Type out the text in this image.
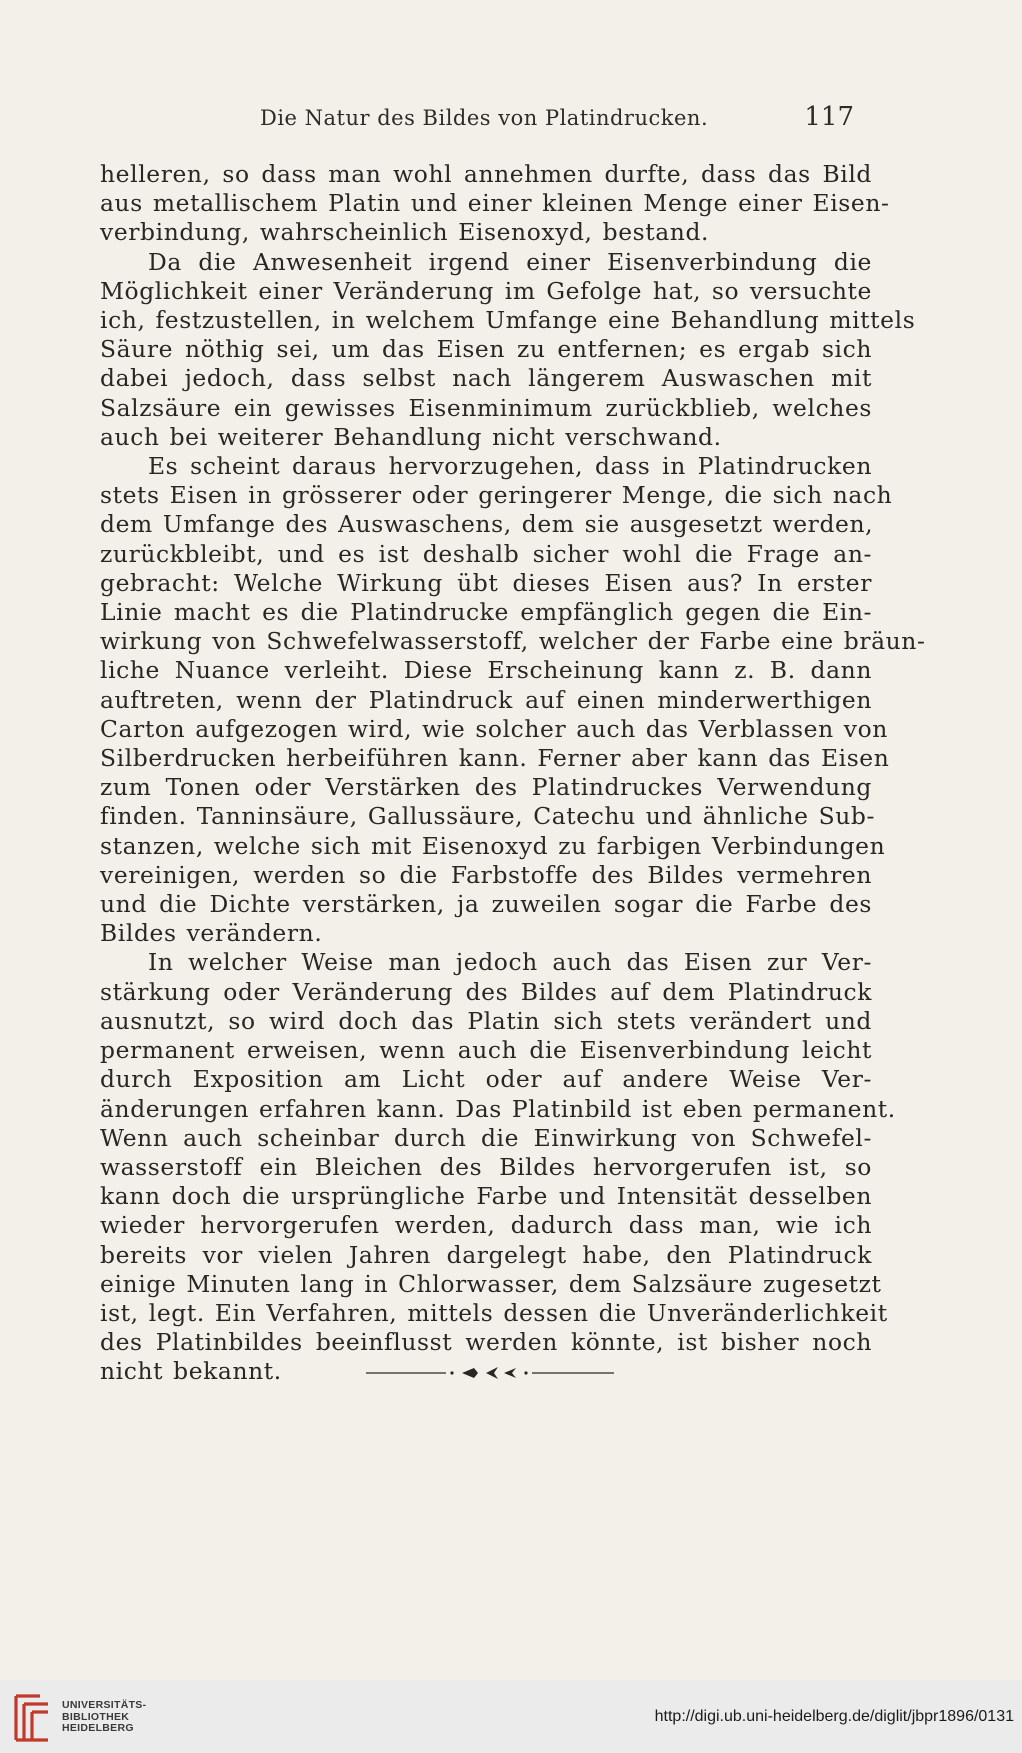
Die Natur des Bildes von Platindrucken.	117

helleren, so dass man wohl annehmen durfte, dass das Bild
aus metallischem Platin und einer kleinen Menge einer Eisen-
verbindung, wahrscheinlich Eisenoxyd, bestand.

Da die Anwesenheit irgend einer Eisenverbindung die
Möglichkeit einer Veränderung im Gefolge hat, so versuchte
ich, festzustellen, in welchem Umfange eine Behandlung mittels
Säure nöthig sei, um das Eisen zu entfernen; es ergab sich
dabei jedoch, dass selbst nach längerem Auswaschen mit
Salzsäure ein gewisses Eisenminimum zurückblieb, welches
auch bei weiterer Behandlung nicht verschwand.

Es scheint daraus hervorzugehen, dass in Platindrucken
stets Eisen in grösserer oder geringerer Menge, die sich nach
dem Umfange des Auswaschens, dem sie ausgesetzt werden,
zurückbleibt, und es ist deshalb sicher wohl die Frage an-
gebracht: Welche Wirkung übt dieses Eisen aus? In erster
Linie macht es die Platindrucke empfänglich gegen die Ein-
wirkung von Schwefelwasserstoff, welcher der Farbe eine bräun-
liche Nuance verleiht. Diese Erscheinung kann z. B. dann
auftreten, wenn der Platindruck auf einen minderwerthigen
Carton aufgezogen wird, wie solcher auch das Verblassen von
Silberdrucken herbeiführen kann. Ferner aber kann das Eisen
zum Tonen oder Verstärken des Platindruckes Verwendung
finden. Tanninsäure, Gallussäure, Catechu und ähnliche Sub-
stanzen, welche sich mit Eisenoxyd zu farbigen Verbindungen
vereinigen, werden so die Farbstoffe des Bildes vermehren
und die Dichte verstärken, ja zuweilen sogar die Farbe des
Bildes verändern.

In welcher Weise man jedoch auch das Eisen zur Ver-
stärkung oder Veränderung des Bildes auf dem Platindruck
ausnutzt, so wird doch das Platin sich stets verändert und
permanent erweisen, wenn auch die Eisenverbindung leicht
durch Exposition am Licht oder auf andere Weise Ver-
änderungen erfahren kann. Das Platinbild ist eben permanent.
Wenn auch scheinbar durch die Einwirkung von Schwefel-
wasserstoff ein Bleichen des Bildes hervorgerufen ist, so
kann doch die ursprüngliche Farbe und Intensität desselben
wieder hervorgerufen werden, dadurch dass man, wie ich
bereits vor vielen Jahren dargelegt habe, den Platindruck
einige Minuten lang in Chlorwasser, dem Salzsäure zugesetzt
ist, legt. Ein Verfahren, mittels dessen die Unveränderlichkeit
des Platinbildes beeinflusst werden könnte, ist bisher noch
nicht bekannt.

UNIVERSITÄTS-
BIBLIOTHEK
HEIDELBERG
http://digi.ub.uni-heidelberg.de/diglit/jbpr1896/0131
